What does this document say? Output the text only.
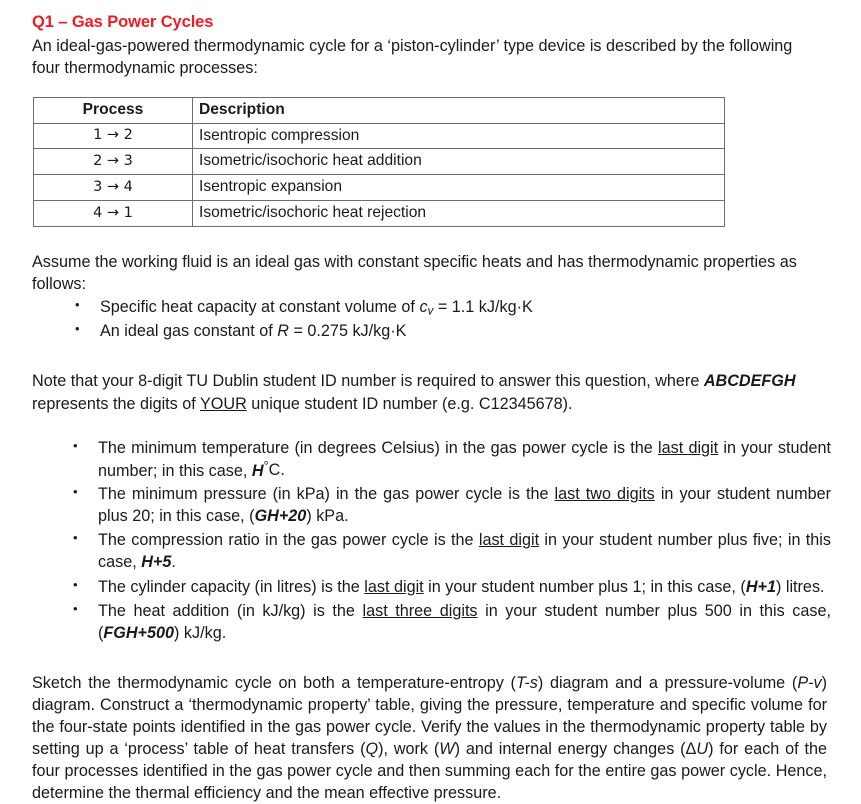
Q1 – Gas Power Cycles

An ideal-gas-powered thermodynamic cycle for a ‘piston-cylinder’ type device is described by the following four thermodynamic processes:

Process	Description
1 → 2	Isentropic compression
2 → 3	Isometric/isochoric heat addition
3 → 4	Isentropic expansion
4 → 1	Isometric/isochoric heat rejection

Assume the working fluid is an ideal gas with constant specific heats and has thermodynamic properties as follows:

• Specific heat capacity at constant volume of $c_v = 1.1$ kJ/kg·K
• An ideal gas constant of R = 0.275 kJ/kg·K

Note that your 8-digit TU Dublin student ID number is required to answer this question, where ABCDEFGH represents the digits of YOUR unique student ID number (e.g. C12345678).

• The minimum temperature (in degrees Celsius) in the gas power cycle is the last digit in your student number; in this case, H°C.
• The minimum pressure (in kPa) in the gas power cycle is the last two digits in your student number plus 20; in this case, (GH+20) kPa.
• The compression ratio in the gas power cycle is the last digit in your student number plus five; in this case, H+5.
• The cylinder capacity (in litres) is the last digit in your student number plus 1; in this case, (H+1) litres.
• The heat addition (in kJ/kg) is the last three digits in your student number plus 500 in this case, (FGH+500) kJ/kg.

Sketch the thermodynamic cycle on both a temperature-entropy (T-s) diagram and a pressure-volume (P-v) diagram. Construct a ‘thermodynamic property’ table, giving the pressure, temperature and specific volume for the four-state points identified in the gas power cycle. Verify the values in the thermodynamic property table by setting up a ‘process’ table of heat transfers (Q), work (W) and internal energy changes (ΔU) for each of the four processes identified in the gas power cycle and then summing each for the entire gas power cycle. Hence, determine the thermal efficiency and the mean effective pressure.
